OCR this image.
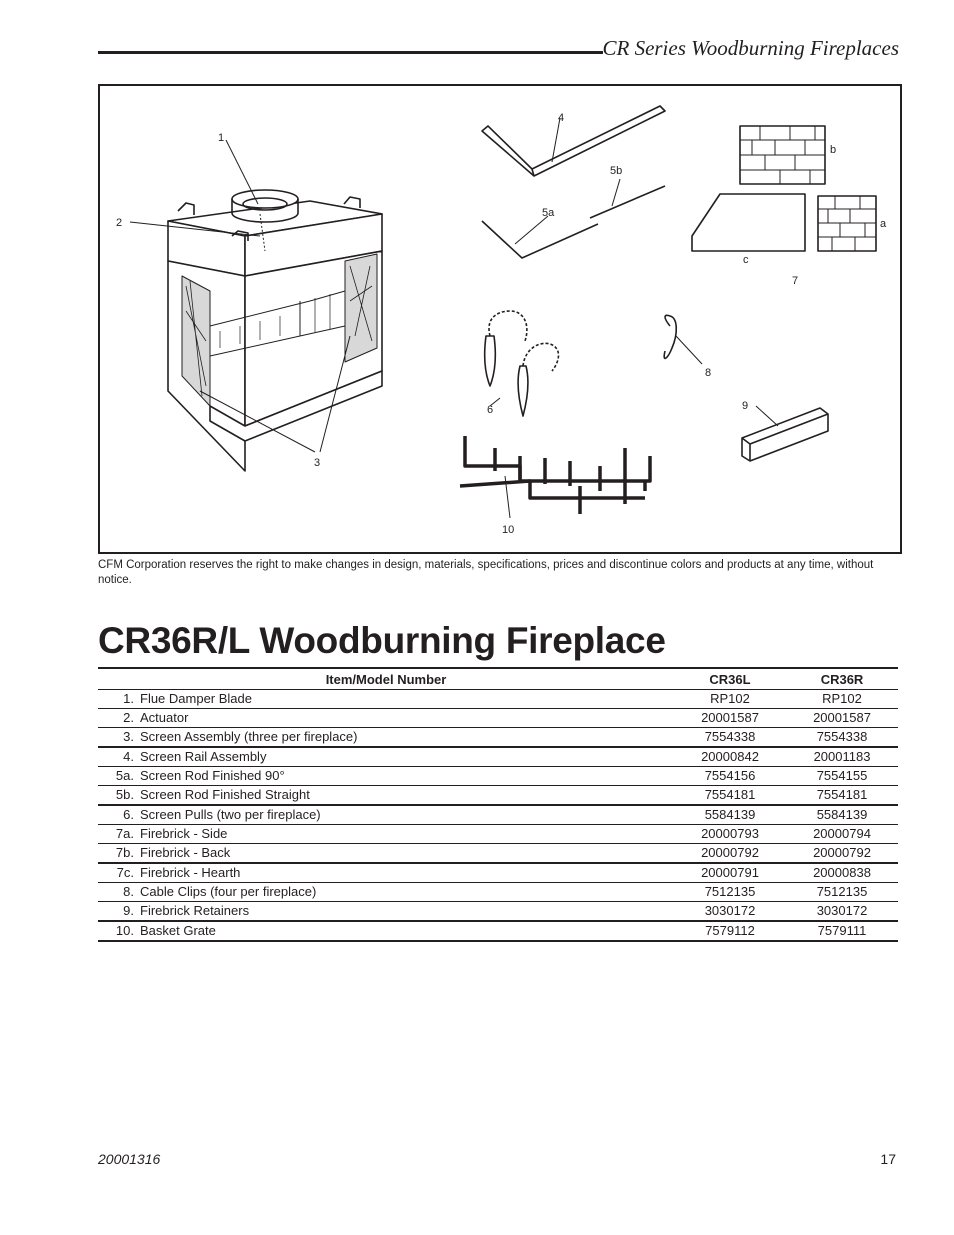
CR Series Woodburning Fireplaces
1
2
3
4
5a
5b
6
7
8
9
10
a
b
c
CFM Corporation reserves the right to make changes in design, materials, specifications, prices and discontinue colors and products at any time, without notice.
CR36R/L Woodburning Fireplace
Item/Model Number		CR36L	CR36R
1.	Flue Damper Blade	RP102	RP102
2.	Actuator	20001587	20001587
3.	Screen Assembly (three per fireplace)	7554338	7554338
4.	Screen Rail Assembly	20000842	20001183
5a.	Screen Rod Finished 90°	7554156	7554155
5b.	Screen Rod Finished Straight	7554181	7554181
6.	Screen Pulls (two per fireplace)	5584139	5584139
7a.	Firebrick - Side	20000793	20000794
7b.	Firebrick - Back	20000792	20000792
7c.	Firebrick - Hearth	20000791	20000838
8.	Cable Clips (four per fireplace)	7512135	7512135
9.	Firebrick Retainers	3030172	3030172
10.	Basket Grate	7579112	7579111
20001316	17
